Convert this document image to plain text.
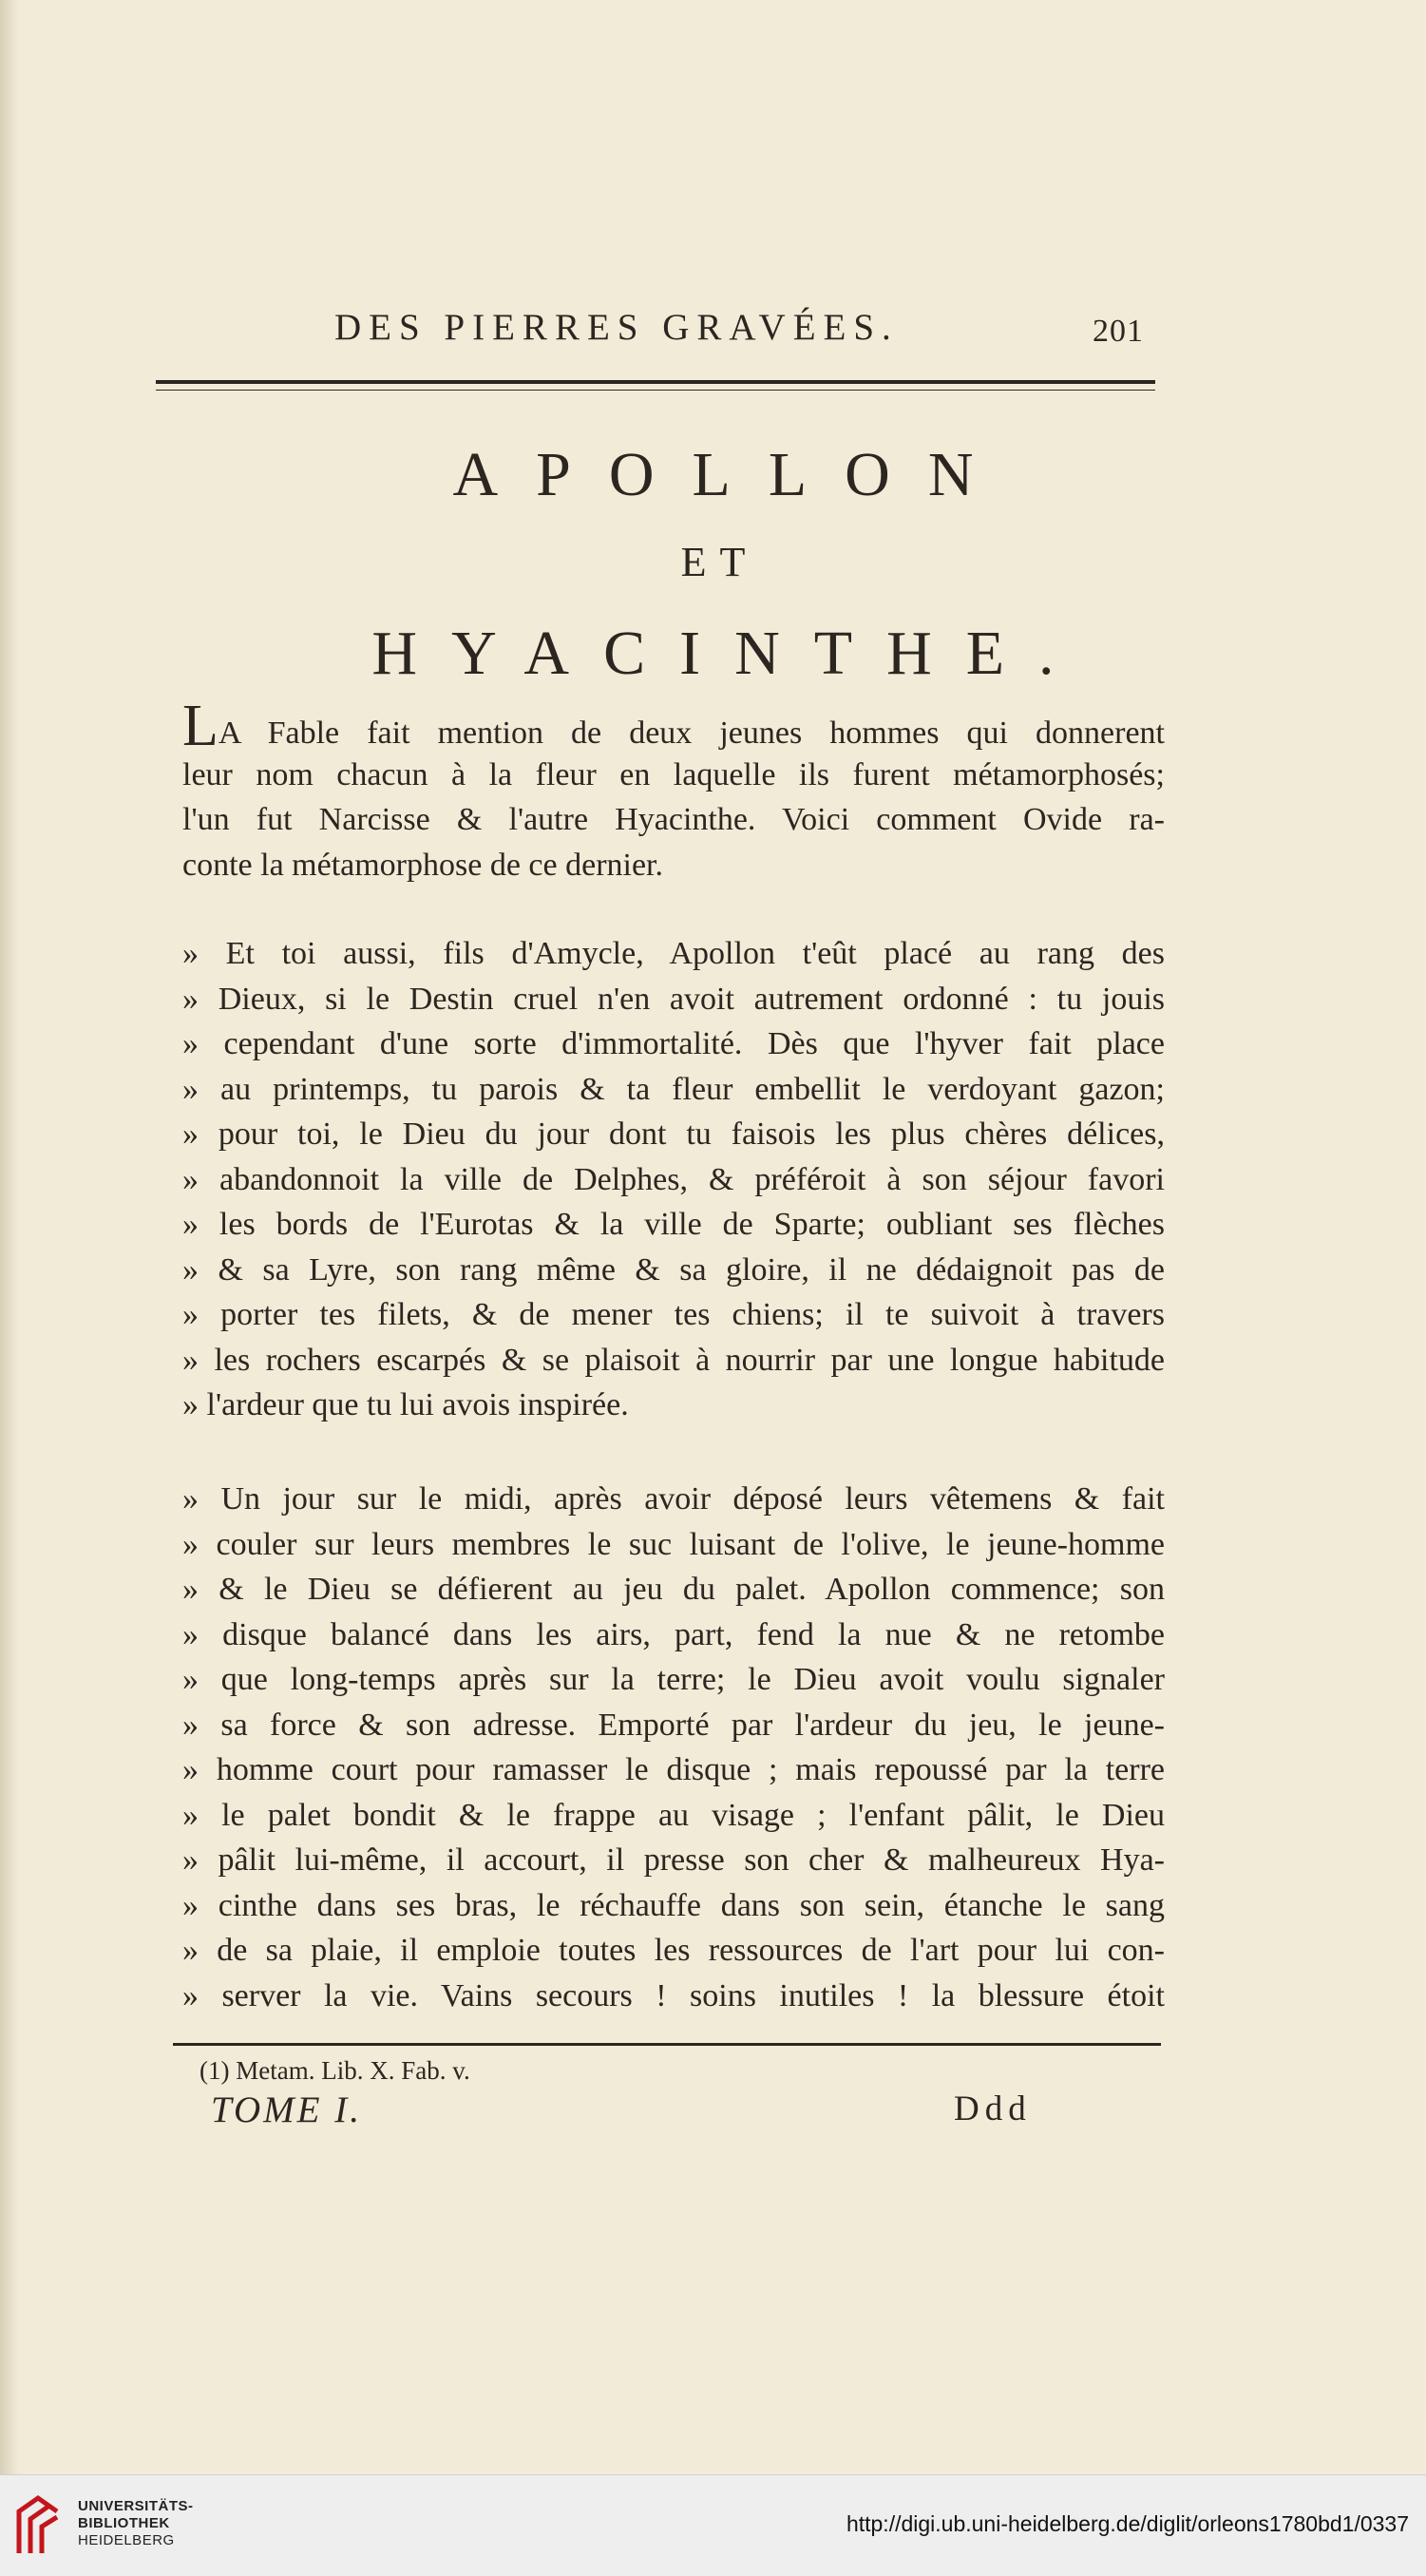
DES PIERRES GRAVÉES.	201
APOLLON
ET
HYACINTHE.
LA Fable fait mention de deux jeunes hommes qui donnerent
leur nom chacun à la fleur en laquelle ils furent métamorphosés;
l'un fut Narcisse & l'autre Hyacinthe. Voici comment Ovide ra-
conte la métamorphose de ce dernier.
» Et toi aussi, fils d'Amycle, Apollon t'eût placé au rang des
» Dieux, si le Destin cruel n'en avoit autrement ordonné : tu jouis
» cependant d'une sorte d'immortalité. Dès que l'hyver fait place
» au printemps, tu parois & ta fleur embellit le verdoyant gazon;
» pour toi, le Dieu du jour dont tu faisois les plus chères délices,
» abandonnoit la ville de Delphes, & préféroit à son séjour favori
» les bords de l'Eurotas & la ville de Sparte; oubliant ses flèches
» & sa Lyre, son rang même & sa gloire, il ne dédaignoit pas de
» porter tes filets, & de mener tes chiens; il te suivoit à travers
» les rochers escarpés & se plaisoit à nourrir par une longue habitude
» l'ardeur que tu lui avois inspirée.
» Un jour sur le midi, après avoir déposé leurs vêtemens & fait
» couler sur leurs membres le suc luisant de l'olive, le jeune-homme
» & le Dieu se défierent au jeu du palet. Apollon commence; son
» disque balancé dans les airs, part, fend la nue & ne retombe
» que long-temps après sur la terre; le Dieu avoit voulu signaler
» sa force & son adresse. Emporté par l'ardeur du jeu, le jeune-
» homme court pour ramasser le disque ; mais repoussé par la terre
» le palet bondit & le frappe au visage ; l'enfant pâlit, le Dieu
» pâlit lui-même, il accourt, il presse son cher & malheureux Hya-
» cinthe dans ses bras, le réchauffe dans son sein, étanche le sang
» de sa plaie, il emploie toutes les ressources de l'art pour lui con-
» server la vie. Vains secours ! soins inutiles ! la blessure étoit
(1) Metam. Lib. X. Fab. v.
TOME I.	Ddd
UNIVERSITÄTS-
BIBLIOTHEK
HEIDELBERG
http://digi.ub.uni-heidelberg.de/diglit/orleons1780bd1/0337
